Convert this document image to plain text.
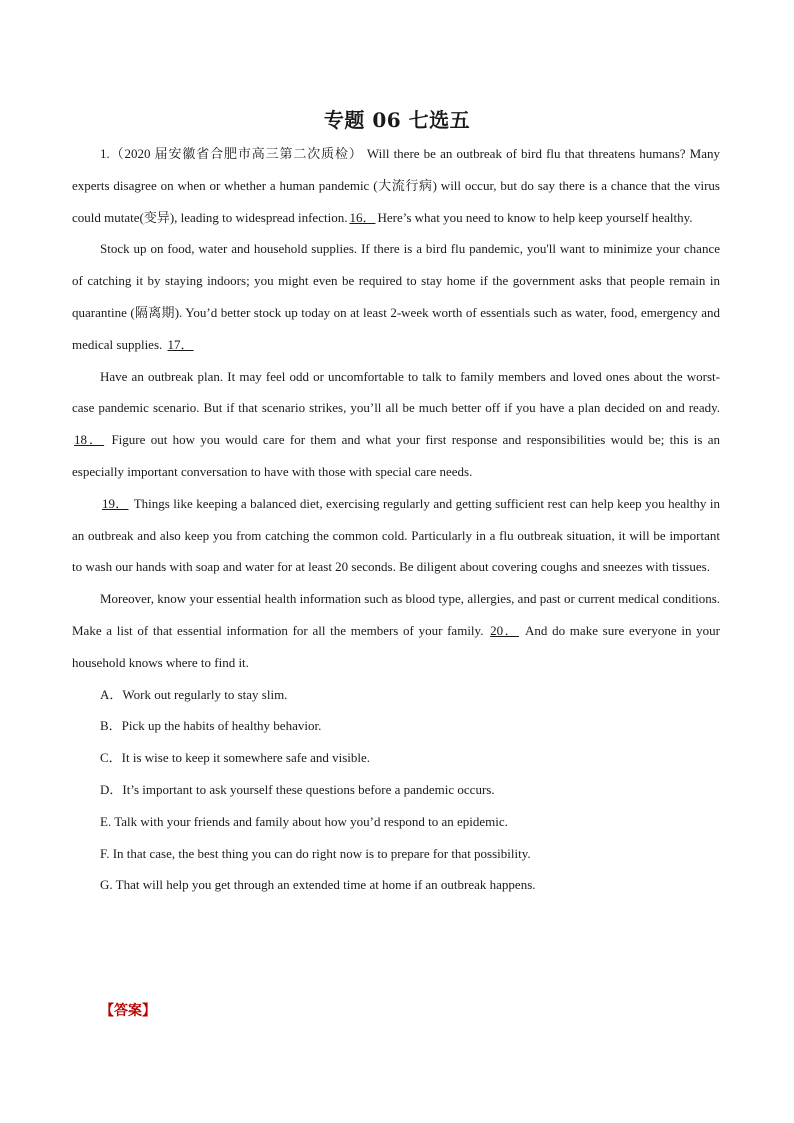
专题 06 七选五

1.（2020 届安徽省合肥市高三第二次质检） Will there be an outbreak of bird flu that threatens humans? Many experts disagree on when or whether a human pandemic (大流行病) will occur, but do say there is a chance that the virus could mutate(变异), leading to widespread infection. 16． Here’s what you need to know to help keep yourself healthy.

Stock up on food, water and household supplies. If there is a bird flu pandemic, you'll want to minimize your chance of catching it by staying indoors; you might even be required to stay home if the government asks that people remain in quarantine (隔离期). You’d better stock up today on at least 2-week worth of essentials such as water, food, emergency and medical supplies. 17．

Have an outbreak plan. It may feel odd or uncomfortable to talk to family members and loved ones about the worst-case pandemic scenario. But if that scenario strikes, you’ll all be much better off if you have a plan decided on and ready. 18． Figure out how you would care for them and what your first response and responsibilities would be; this is an especially important conversation to have with those with special care needs.

19． Things like keeping a balanced diet, exercising regularly and getting sufficient rest can help keep you healthy in an outbreak and also keep you from catching the common cold. Particularly in a flu outbreak situation, it will be important to wash our hands with soap and water for at least 20 seconds. Be diligent about covering coughs and sneezes with tissues.

Moreover, know your essential health information such as blood type, allergies, and past or current medical conditions. Make a list of that essential information for all the members of your family. 20． And do make sure everyone in your household knows where to find it.

A．Work out regularly to stay slim.

B．Pick up the habits of healthy behavior.

C．It is wise to keep it somewhere safe and visible.

D．It’s important to ask yourself these questions before a pandemic occurs.

E. Talk with your friends and family about how you’d respond to an epidemic.

F. In that case, the best thing you can do right now is to prepare for that possibility.

G. That will help you get through an extended time at home if an outbreak happens.

【答案】
